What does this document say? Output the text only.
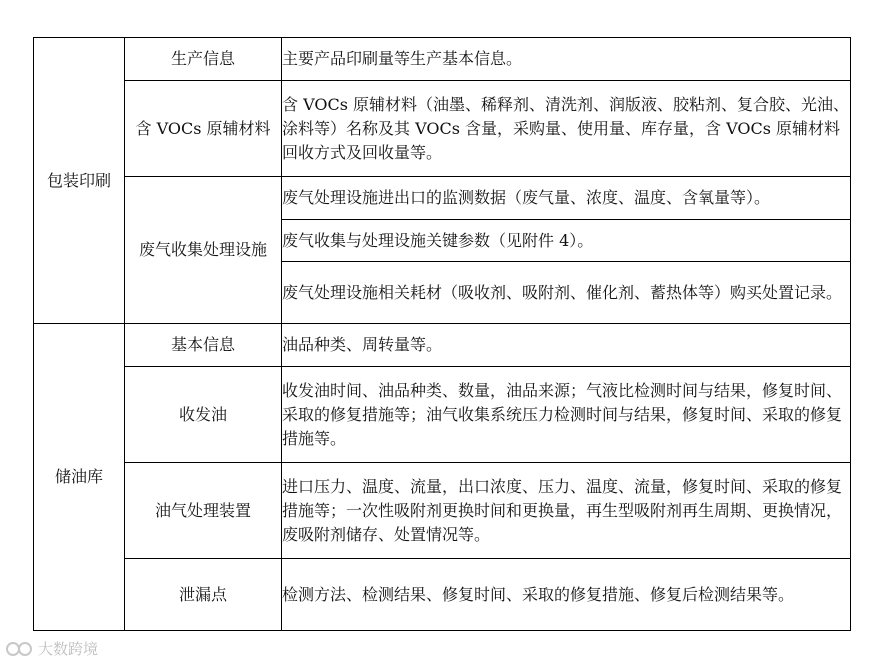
包装印刷	生产信息	主要产品印刷量等生产基本信息。
	含 VOCs 原辅材料	含 VOCs 原辅材料（油墨、稀释剂、清洗剂、润版液、胶粘剂、复合胶、光油、涂料等）名称及其 VOCs 含量，采购量、使用量、库存量，含 VOCs 原辅材料回收方式及回收量等。
	废气收集处理设施	废气处理设施进出口的监测数据（废气量、浓度、温度、含氧量等）。
		废气收集与处理设施关键参数（见附件 4）。
		废气处理设施相关耗材（吸收剂、吸附剂、催化剂、蓄热体等）购买处置记录。

储油库	基本信息	油品种类、周转量等。
	收发油	收发油时间、油品种类、数量，油品来源；气液比检测时间与结果，修复时间、采取的修复措施等；油气收集系统压力检测时间与结果，修复时间、采取的修复措施等。
	油气处理装置	进口压力、温度、流量，出口浓度、压力、温度、流量，修复时间、采取的修复措施等；一次性吸附剂更换时间和更换量，再生型吸附剂再生周期、更换情况，废吸附剂储存、处置情况等。
	泄漏点	检测方法、检测结果、修复时间、采取的修复措施、修复后检测结果等。
大数跨境
